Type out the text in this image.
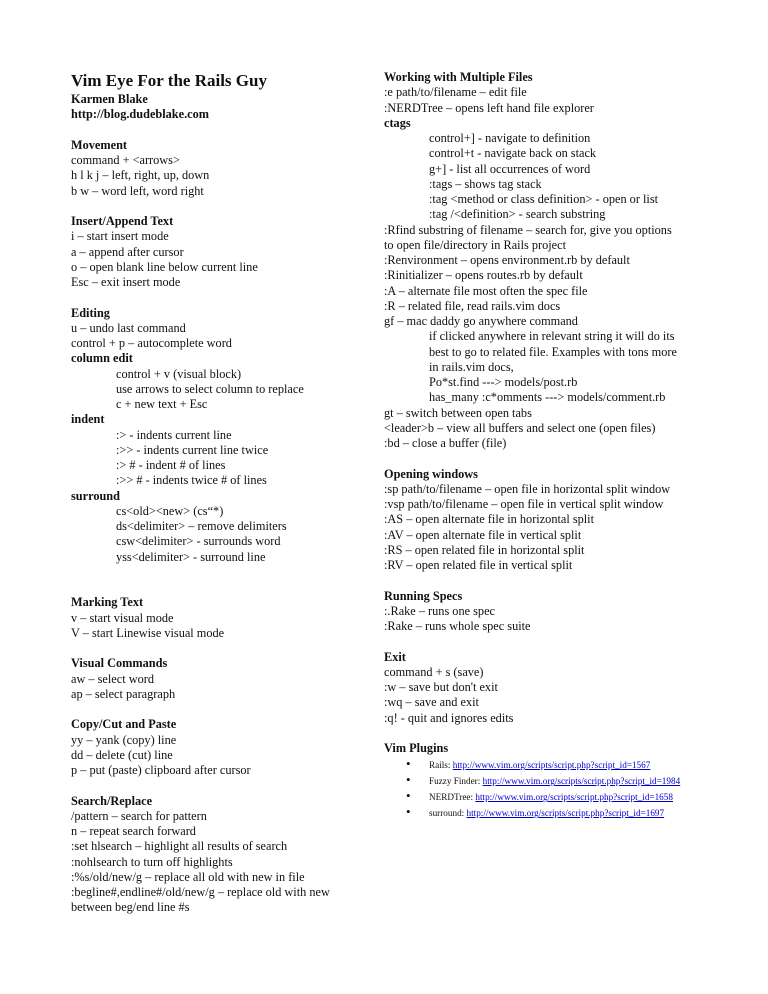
Vim Eye For the Rails Guy
Karmen Blake
http://blog.dudeblake.com
Movement
command + <arrows>
h l k j – left, right, up, down
b w – word left, word right
Insert/Append Text
i – start insert mode
a – append after cursor
o – open blank line below current line
Esc – exit insert mode
Editing
u – undo last command
control + p – autocomplete word
column edit
control + v (visual block)
use arrows to select column to replace
c + new text + Esc
indent
:> - indents current line
:>> - indents current line twice
:> # - indent # of lines
:>> # - indents twice # of lines
surround
cs<old><new> (cs“*)
ds<delimiter> – remove delimiters
csw<delimiter> - surrounds word
yss<delimiter> - surround line
Marking Text
v – start visual mode
V – start Linewise visual mode
Visual Commands
aw – select word
ap – select paragraph
Copy/Cut and Paste
yy – yank (copy) line
dd – delete (cut) line
p – put (paste) clipboard after cursor
Search/Replace
/pattern – search for pattern
n – repeat search forward
:set hlsearch – highlight all results of search
:nohlsearch to turn off highlights
:%s/old/new/g – replace all old with new in file
:begline#,endline#/old/new/g – replace old with new
between beg/end line #s
Working with Multiple Files
:e path/to/filename – edit file
:NERDTree – opens left hand file explorer
ctags
control+] - navigate to definition
control+t - navigate back on stack
g+] - list all occurrences of word
:tags – shows tag stack
:tag <method or class definition> - open or list
:tag /<definition> - search substring
:Rfind substring of filename – search for, give you options
to open file/directory in Rails project
:Renvironment – opens environment.rb by default
:Rinitializer – opens routes.rb by default
:A – alternate file most often the spec file
:R – related file, read rails.vim docs
gf – mac daddy go anywhere command
if clicked anywhere in relevant string it will do its
best to go to related file. Examples with tons more
in rails.vim docs,
Po*st.find ---> models/post.rb
has_many :c*omments ---> models/comment.rb
gt – switch between open tabs
<leader>b – view all buffers and select one (open files)
:bd – close a buffer (file)
Opening windows
:sp path/to/filename – open file in horizontal split window
:vsp path/to/filename – open file in vertical split window
:AS – open alternate file in horizontal split
:AV – open alternate file in vertical split
:RS – open related file in horizontal split
:RV – open related file in vertical split
Running Specs
:.Rake – runs one spec
:Rake – runs whole spec suite
Exit
command + s (save)
:w – save but don't exit
:wq – save and exit
:q! - quit and ignores edits
Vim Plugins
• Rails: http://www.vim.org/scripts/script.php?script_id=1567
• Fuzzy Finder: http://www.vim.org/scripts/script.php?script_id=1984
• NERDTree: http://www.vim.org/scripts/script.php?script_id=1658
• surround: http://www.vim.org/scripts/script.php?script_id=1697
